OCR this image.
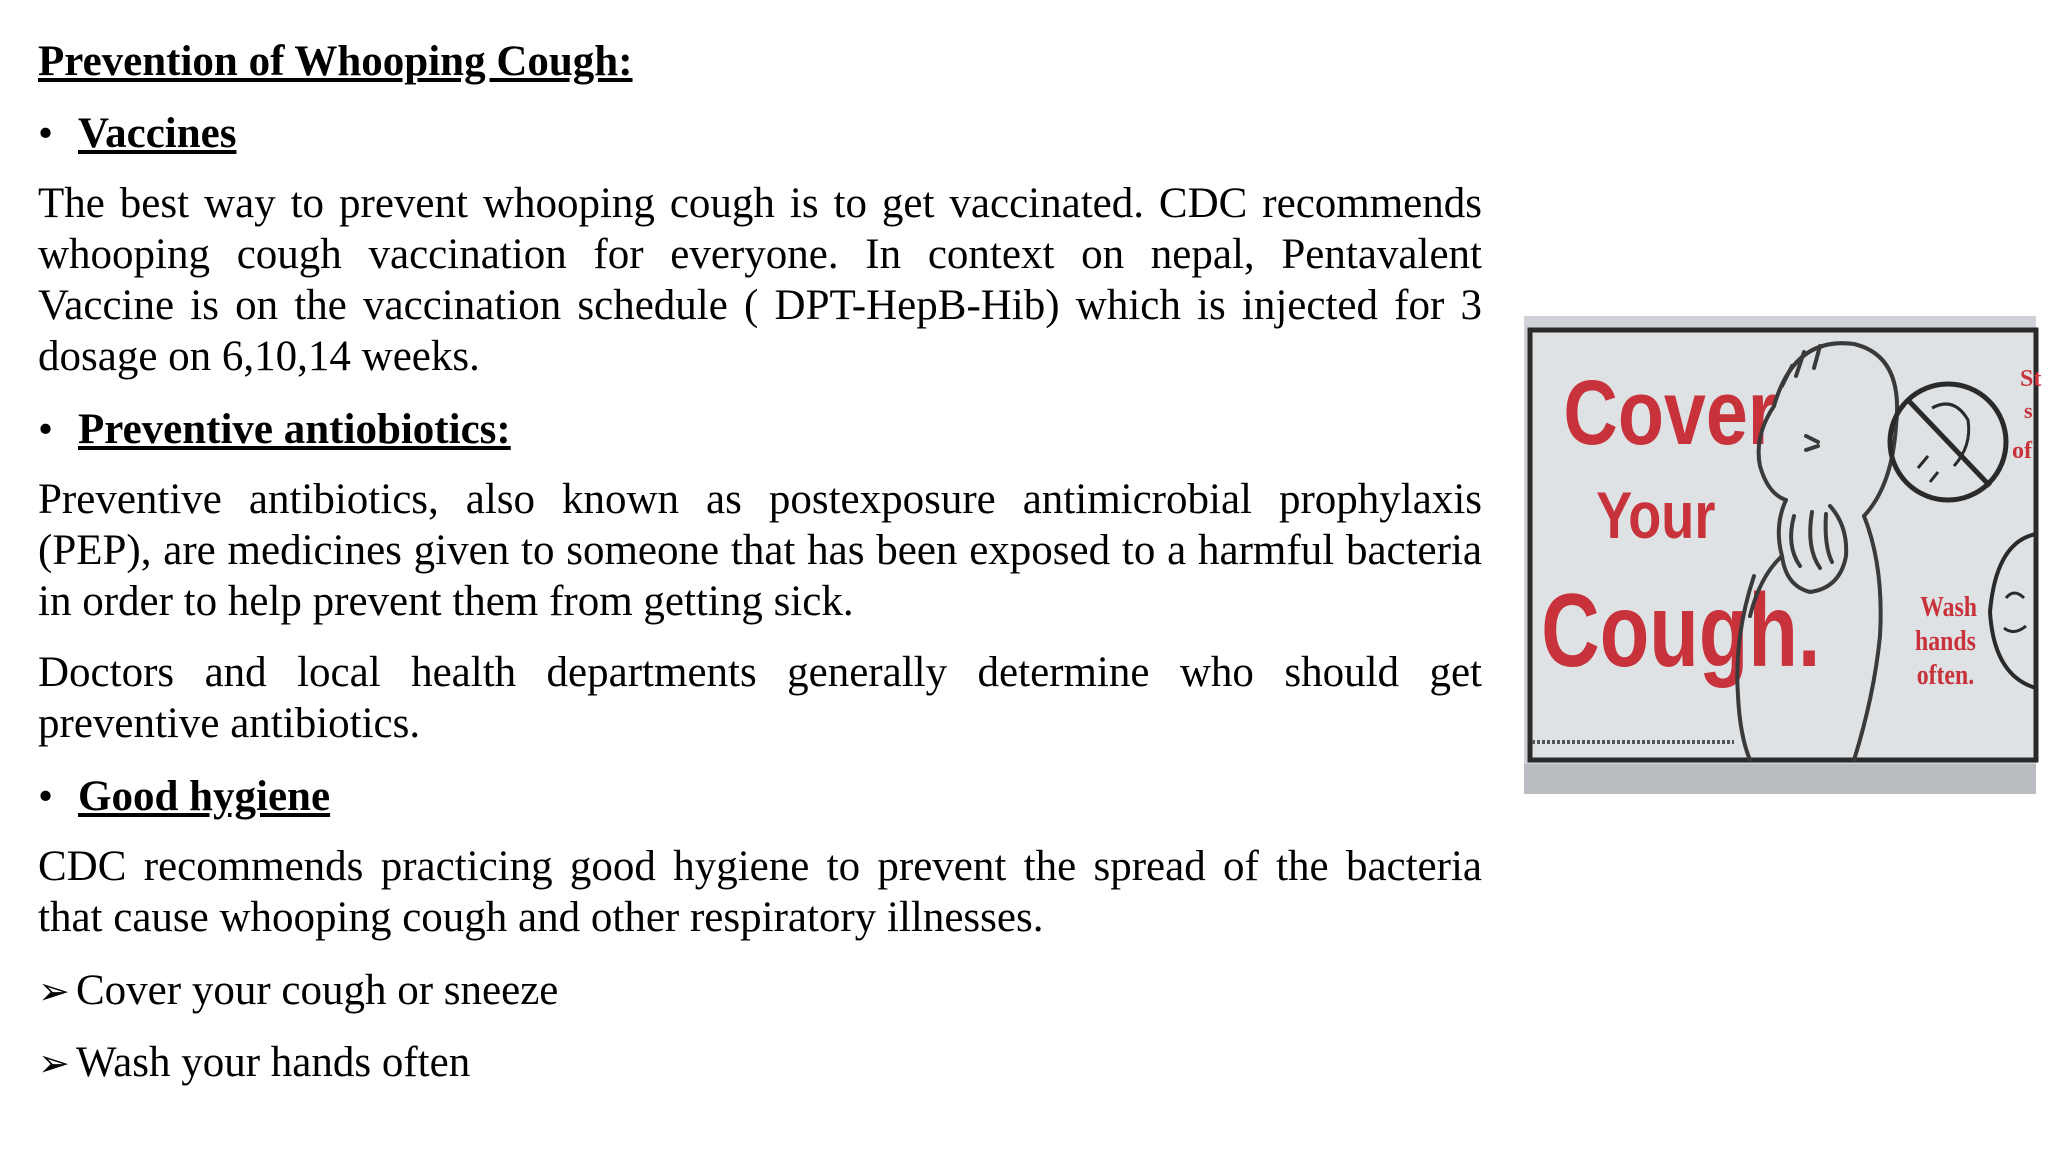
Prevention of Whooping Cough:
• Vaccines

The best way to prevent whooping cough is to get vaccinated. CDC recommends whooping cough vaccination for everyone. In context on nepal, Pentavalent Vaccine is on the vaccination schedule ( DPT-HepB-Hib) which is injected for 3 dosage on 6,10,14 weeks.

• Preventive antiobiotics:

Preventive antibiotics, also known as postexposure antimicrobial prophylaxis (PEP), are medicines given to someone that has been exposed to a harmful bacteria in order to help prevent them from getting sick.

Doctors and local health departments generally determine who should get preventive antibiotics.

• Good hygiene

CDC recommends practicing good hygiene to prevent the spread of the bacteria that cause whooping cough and other respiratory illnesses.

➢ Cover your cough or sneeze
➢ Wash your hands often
Cover
Your
Cough.	Wash
hands
often.
St
s
of
